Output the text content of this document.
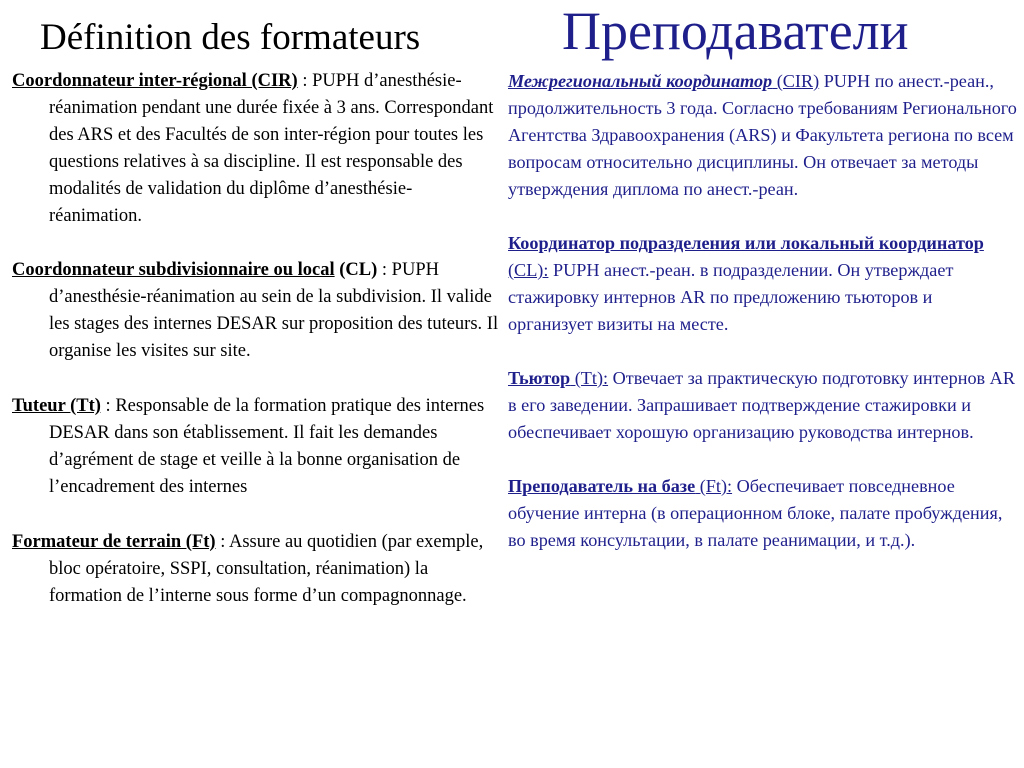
Définition des formateurs	Преподаватели

Coordonnateur inter-régional (CIR) : PUPH d’anesthésie-réanimation pendant une durée fixée à 3 ans. Correspondant des ARS et des Facultés de son inter-région pour toutes les questions relatives à sa discipline. Il est responsable des modalités de validation du diplôme d’anesthésie-réanimation.

Coordonnateur subdivisionnaire ou local (CL) : PUPH d’anesthésie-réanimation au sein de la subdivision. Il valide les stages des internes DESAR sur proposition des tuteurs. Il organise les visites sur site.

Tuteur (Tt) : Responsable de la formation pratique des internes DESAR dans son établissement. Il fait les demandes d’agrément de stage et veille à la bonne organisation de l’encadrement des internes

Formateur de terrain (Ft) : Assure au quotidien (par exemple, bloc opératoire, SSPI, consultation, réanimation) la formation de l’interne sous forme d’un compagnonnage.

Межрегиональный координатор (CIR) PUPH по анест.-реан., продолжительность 3 года. Согласно требованиям Регионального Агентства Здравоохранения (ARS) и Факультета региона по всем вопросам относительно дисциплины. Он отвечает за методы утверждения диплома по анест.-реан.

Координатор подразделения или локальный координатор (CL): PUPH анест.-реан. в подразделении. Он утверждает стажировку интернов AR по предложению тьюторов и организует визиты на месте.

Тьютор (Tt): Отвечает за практическую подготовку интернов AR в его заведении. Запрашивает подтверждение стажировки и обеспечивает хорошую организацию руководства интернов.

Преподаватель на базе (Ft): Обеспечивает повседневное обучение интерна (в операционном блоке, палате пробуждения, во время консультации, в палате реанимации, и т.д.).
